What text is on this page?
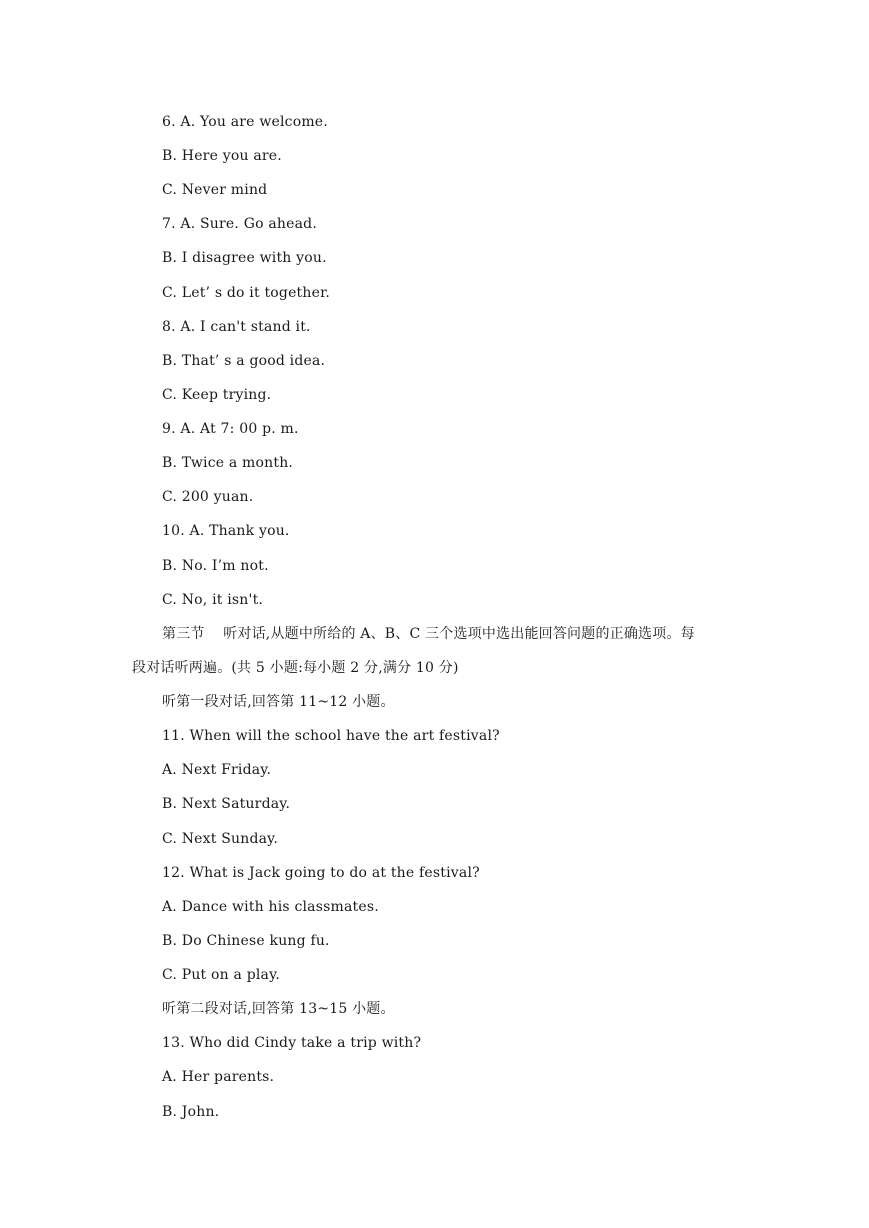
6. A. You are welcome.
B. Here you are.
C. Never mind
7. A. Sure. Go ahead.
B. I disagree with you.
C. Let’ s do it together.
8. A. I can't stand it.
B. That’ s a good idea.
C. Keep trying.
9. A. At 7: 00 p. m.
B. Twice a month.
C. 200 yuan.
10. A. Thank you.
B. No. I’m not.
C. No, it isn't.
第三节    听对话,从题中所给的 A、B、C 三个选项中选出能回答问题的正确选项。每
段对话听两遍。(共 5 小题:每小题 2 分,满分 10 分)
听第一段对话,回答第 11~12 小题。
11. When will the school have the art festival?
A. Next Friday.
B. Next Saturday.
C. Next Sunday.
12. What is Jack going to do at the festival?
A. Dance with his classmates.
B. Do Chinese kung fu.
C. Put on a play.
听第二段对话,回答第 13~15 小题。
13. Who did Cindy take a trip with?
A. Her parents.
B. John.
